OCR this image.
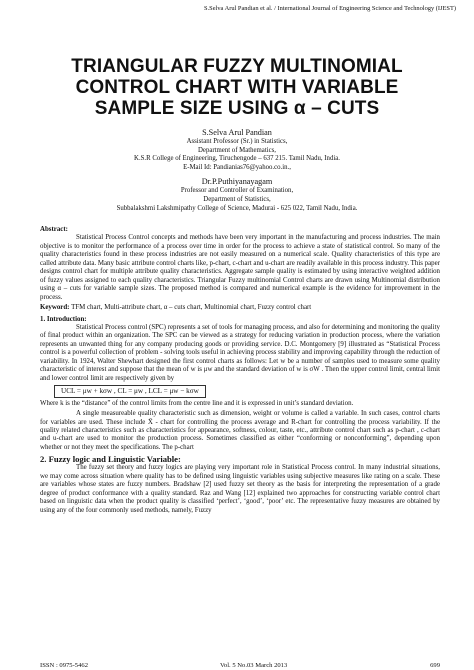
S.Selva Arul Pandian et al. / International Journal of Engineering Science and Technology (IJEST)
TRIANGULAR FUZZY MULTINOMIAL
CONTROL CHART WITH VARIABLE
SAMPLE SIZE USING α – CUTS
S.Selva Arul Pandian
Assistant Professor (Sr.) in Statistics,
Department of Mathematics,
K.S.R College of Engineering, Tiruchengode – 637 215. Tamil Nadu, India.
E-Mail Id: Pandianias76@yahoo.co.in.,
Dr.P.Puthiyanayagam
Professor and Controller of Examination,
Department of Statistics,
Subbalakshmi Lakshmipathy College of Science, Madurai - 625 022, Tamil Nadu, India.

Abstract:

Statistical Process Control concepts and methods have been very important in the manufacturing and process industries. The main objective is to monitor the performance of a process over time in order for the process to achieve a state of statistical control. So many of the quality characteristics found in these process industries are not easily measured on a numerical scale. Quality characteristics of this type are called attribute data. Many basic attribute control charts like, p-chart, c-chart and u-chart are readily available in this process industry. This paper designs control chart for multiple attribute quality characteristics. Aggregate sample quality is estimated by using interactive weighted addition of fuzzy values assigned to each quality characteristics. Triangular Fuzzy multinomial Control charts are drawn using Multinomial distribution using α – cuts for variable sample sizes. The proposed method is compared and numerical example is the evidence for improvement in the process.

Keyword: TFM chart, Multi-attribute chart, α – cuts chart, Multinomial chart, Fuzzy control chart

1. Introduction:

Statistical Process control (SPC) represents a set of tools for managing process, and also for determining and monitoring the quality of final product within an organization. The SPC can be viewed as a strategy for reducing variation in production process, where the variation represents an unwanted thing for any company producing goods or providing service. D.C. Montgomery [9] illustrated as “Statistical Process control is a powerful collection of problem - solving tools useful in achieving process stability and improving capability through the reduction of variability. In 1924, Walter Shewhart designed the first control charts as follows: Let w be a number of samples used to measure some quality characteristic of interest and suppose that the mean of w is μw and the standard deviation of w is σW . Then the upper control limit, central limit and lower control limit are respectively given by

UCL = μw + kσw , CL = μw , LCL = μw − kσw

Where k is the “distance” of the control limits from the centre line and it is expressed in unit’s standard deviation.

A single measureable quality characteristic such as dimension, weight or volume is called a variable. In such cases, control charts for variables are used. These include X̄ - chart for controlling the process average and R-chart for controlling the process variability. If the quality related characteristics such as characteristics for appearance, softness, colour, taste, etc., attribute control chart such as p-chart , c-chart and u-chart are used to monitor the production process. Sometimes classified as either “conforming or nonconforming”, depending upon whether or not they meet the specifications. The p-chart

2. Fuzzy logic and Linguistic Variable:

The fuzzy set theory and fuzzy logics are playing very important role in Statistical Process control. In many industrial situations, we may come across situation where quality has to be defined using linguistic variables using subjective measures like rating on a scale. These are variables whose states are fuzzy numbers. Bradshaw [2] used fuzzy set theory as the basis for interpreting the representation of a grade degree of product conformance with a quality standard. Raz and Wang [12] explained two approaches for constructing variable control chart based on linguistic data when the product quality is classified ‘perfect’, ‘good’, ‘poor’ etc. The representative fuzzy measures are obtained by using any of the four commonly used methods, namely, Fuzzy

ISSN : 0975-5462	Vol. 5 No.03 March 2013	699
